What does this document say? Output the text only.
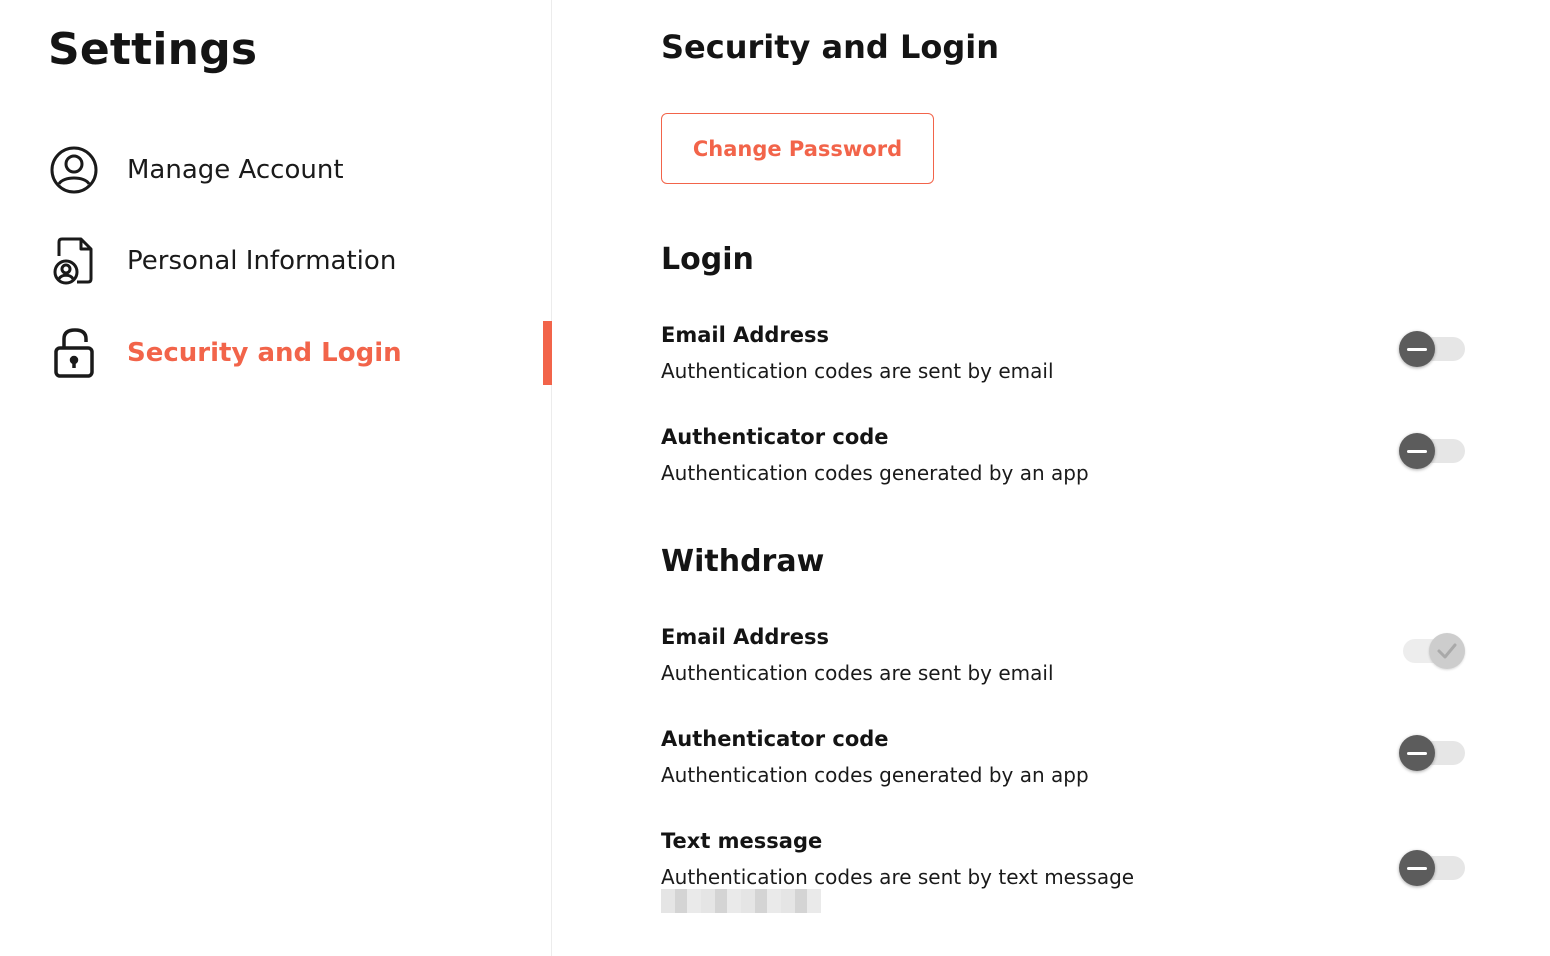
Settings
Manage Account
Personal Information
Security and Login
Security and Login
Change Password
Login
Email Address
Authentication codes are sent by email
Authenticator code
Authentication codes generated by an app
Withdraw
Email Address
Authentication codes are sent by email
Authenticator code
Authentication codes generated by an app
Text message
Authentication codes are sent by text message
